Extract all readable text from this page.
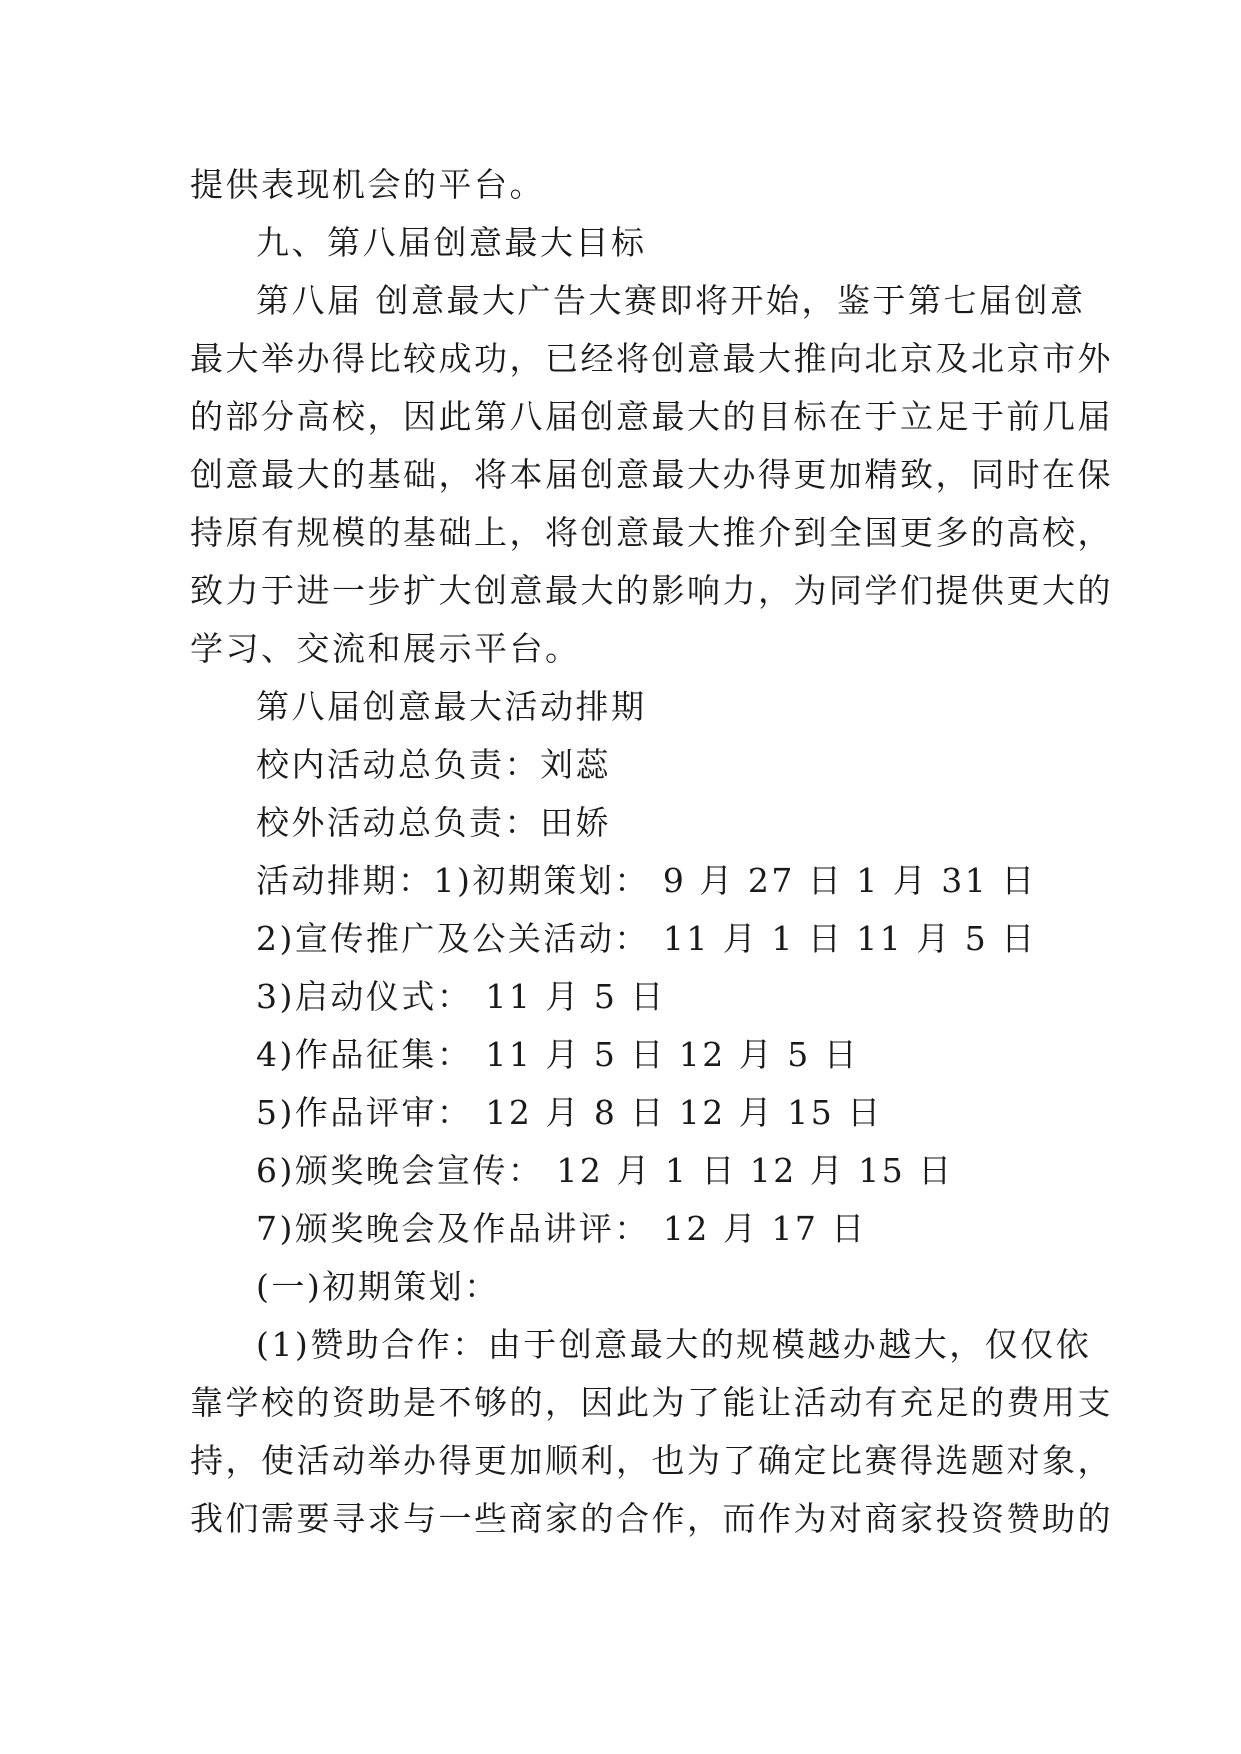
提供表现机会的平台。
九、第八届创意最大目标
第八届 创意最大广告大赛即将开始，鉴于第七届创意
最大举办得比较成功，已经将创意最大推向北京及北京市外
的部分高校，因此第八届创意最大的目标在于立足于前几届
创意最大的基础，将本届创意最大办得更加精致，同时在保
持原有规模的基础上，将创意最大推介到全国更多的高校，
致力于进一步扩大创意最大的影响力，为同学们提供更大的
学习、交流和展示平台。
第八届创意最大活动排期
校内活动总负责：刘蕊
校外活动总负责：田娇
活动排期：1)初期策划： 9 月 27 日 1 月 31 日
2)宣传推广及公关活动： 11 月 1 日 11 月 5 日
3)启动仪式： 11 月 5 日
4)作品征集： 11 月 5 日 12 月 5 日
5)作品评审： 12 月 8 日 12 月 15 日
6)颁奖晚会宣传： 12 月 1 日 12 月 15 日
7)颁奖晚会及作品讲评： 12 月 17 日
(一)初期策划：
(1)赞助合作：由于创意最大的规模越办越大，仅仅依
靠学校的资助是不够的，因此为了能让活动有充足的费用支
持，使活动举办得更加顺利，也为了确定比赛得选题对象，
我们需要寻求与一些商家的合作，而作为对商家投资赞助的
